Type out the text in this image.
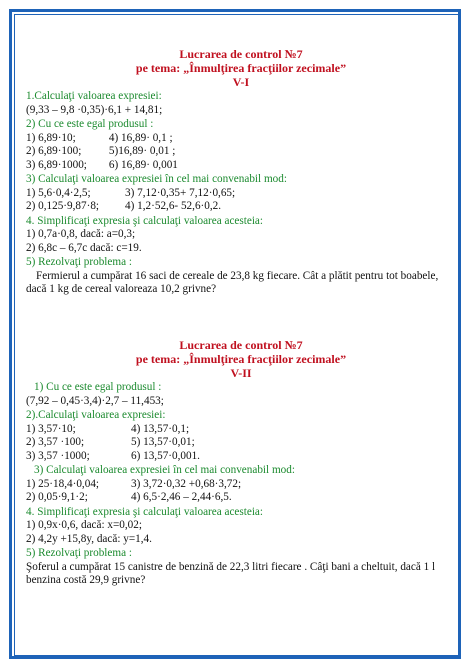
Lucrarea de control №7
pe tema: „Înmulţirea fracţiilor zecimale”
V-I
1.Calculaţi valoarea expresiei:
(9,33 – 9,8 ·0,35)·6,1 + 14,81;
2) Cu ce este egal produsul :
1) 6,89·10;	4) 16,89· 0,1 ;
2) 6,89·100;	5)16,89· 0,01 ;
3) 6,89·1000; 6) 16,89· 0,001
3) Calculaţi valoarea expresiei în cel mai convenabil mod:
1) 5,6·0,4·2,5;	3) 7,12·0,35+ 7,12·0,65;
2) 0,125·9,87·8; 4) 1,2·52,6- 52,6·0,2.
4. Simplificaţi expresia şi calculaţi valoarea acesteia:
1) 0,7a·0,8, dacă: a=0,3;
2) 6,8c – 6,7c dacă: c=19.
5) Rezolvaţi problema :
Fermierul a cumpărat 16 saci de cereale de 23,8 kg fiecare. Cât a plătit pentru tot boabele, dacă 1 kg de cereal valoreaza 10,2 grivne?
Lucrarea de control №7
pe tema: „Înmulţirea fracţiilor zecimale”
V-II
1) Cu ce este egal produsul :
(7,92 – 0,45·3,4)·2,7 – 11,453;
2).Calculaţi valoarea expresiei:
1) 3,57·10;	4) 13,57·0,1;
2) 3,57 ·100;	5) 13,57·0,01;
3) 3,57 ·1000;	6) 13,57·0,001.
3) Calculaţi valoarea expresiei în cel mai convenabil mod:
1) 25·18,4·0,04;	3) 3,72·0,32 +0,68·3,72;
2) 0,05·9,1·2;	4) 6,5·2,46 – 2,44·6,5.
4. Simplificaţi expresia şi calculaţi valoarea acesteia:
1) 0,9x·0,6, dacă: x=0,02;
2) 4,2y +15,8y, dacă: y=1,4.
5) Rezolvaţi problema :
Şoferul a cumpărat 15 canistre de benzină de 22,3 litri fiecare . Câţi bani a cheltuit, dacă 1 l benzina costă 29,9 grivne?
